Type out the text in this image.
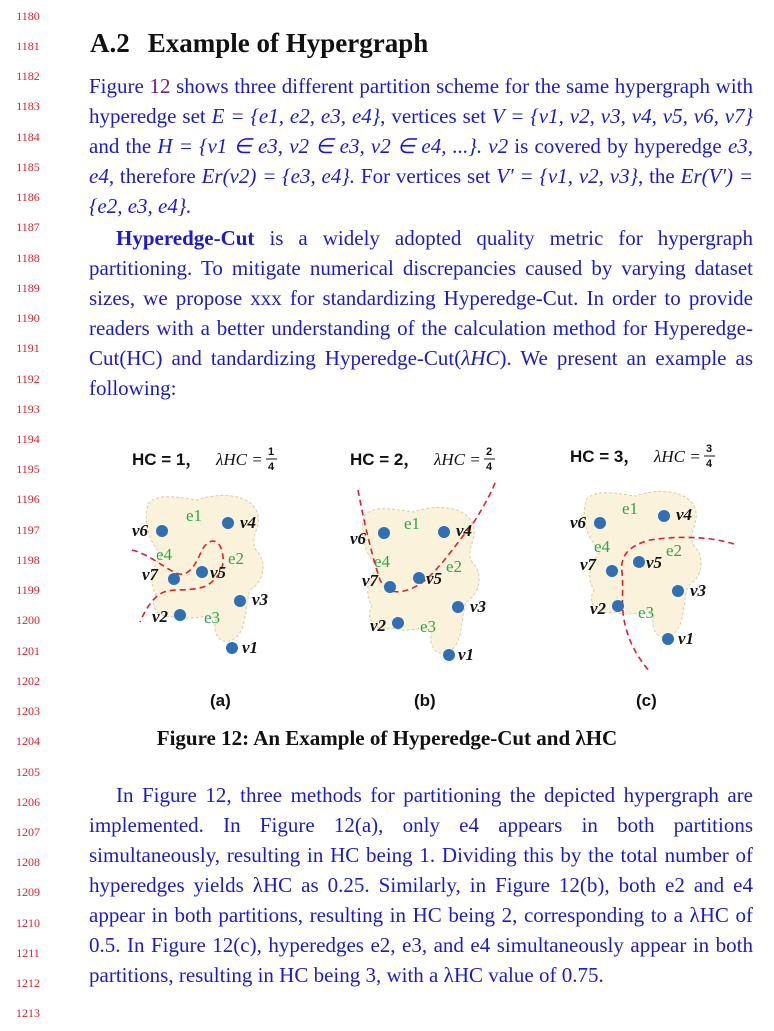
1180
1181
1182
1183
1184
1185
1186
1187
1188
1189
1190
1191
1192
1193
1194
1195
1196
1197
1198
1199
1200
1201
1202
1203
1204
1205
1206
1207
1208
1209
1210
1211
1212
1213
A.2 Example of Hypergraph

Figure 12 shows three different partition scheme for the same hypergraph with hyperedge set E = {e1, e2, e3, e4}, vertices set V = {v1, v2, v3, v4, v5, v6, v7} and the H = {v1 ∈ e3, v2 ∈ e3, v2 ∈ e4, ...}. v2 is covered by hyperedge e3, e4, therefore Er(v2) = {e3, e4}. For vertices set V′ = {v1, v2, v3}, the Er(V′) = {e2, e3, e4}.

Hyperedge-Cut is a widely adopted quality metric for hypergraph partitioning. To mitigate numerical discrepancies caused by varying dataset sizes, we propose xxx for standardizing Hyperedge-Cut. In order to provide readers with a better understanding of the calculation method for Hyperedge-Cut(HC) and tandardizing Hyperedge-Cut(λHC). We present an example as following:

HC = 1， λHC = 1
4
v6	v4
v7	v5
v3
v2
v1
e1
e2
e3
e4
(a)
HC = 2， λHC = 2
4
v6	v4
v7	v5
v3
v2
v1
e1
e2
e3
e4
(b)
HC = 3， λHC = 3
4
v6	v4
v7	v5
v3
v2
v1
e1
e2
e3
e4
(c)
Figure 12: An Example of Hyperedge-Cut and λHC

In Figure 12, three methods for partitioning the depicted hypergraph are implemented. In Figure 12(a), only e4 appears in both partitions simultaneously, resulting in HC being 1. Dividing this by the total number of hyperedges yields λHC as 0.25. Similarly, in Figure 12(b), both e2 and e4 appear in both partitions, resulting in HC being 2, corresponding to a λHC of 0.5. In Figure 12(c), hyperedges e2, e3, and e4 simultaneously appear in both partitions, resulting in HC being 3, with a λHC value of 0.75.
